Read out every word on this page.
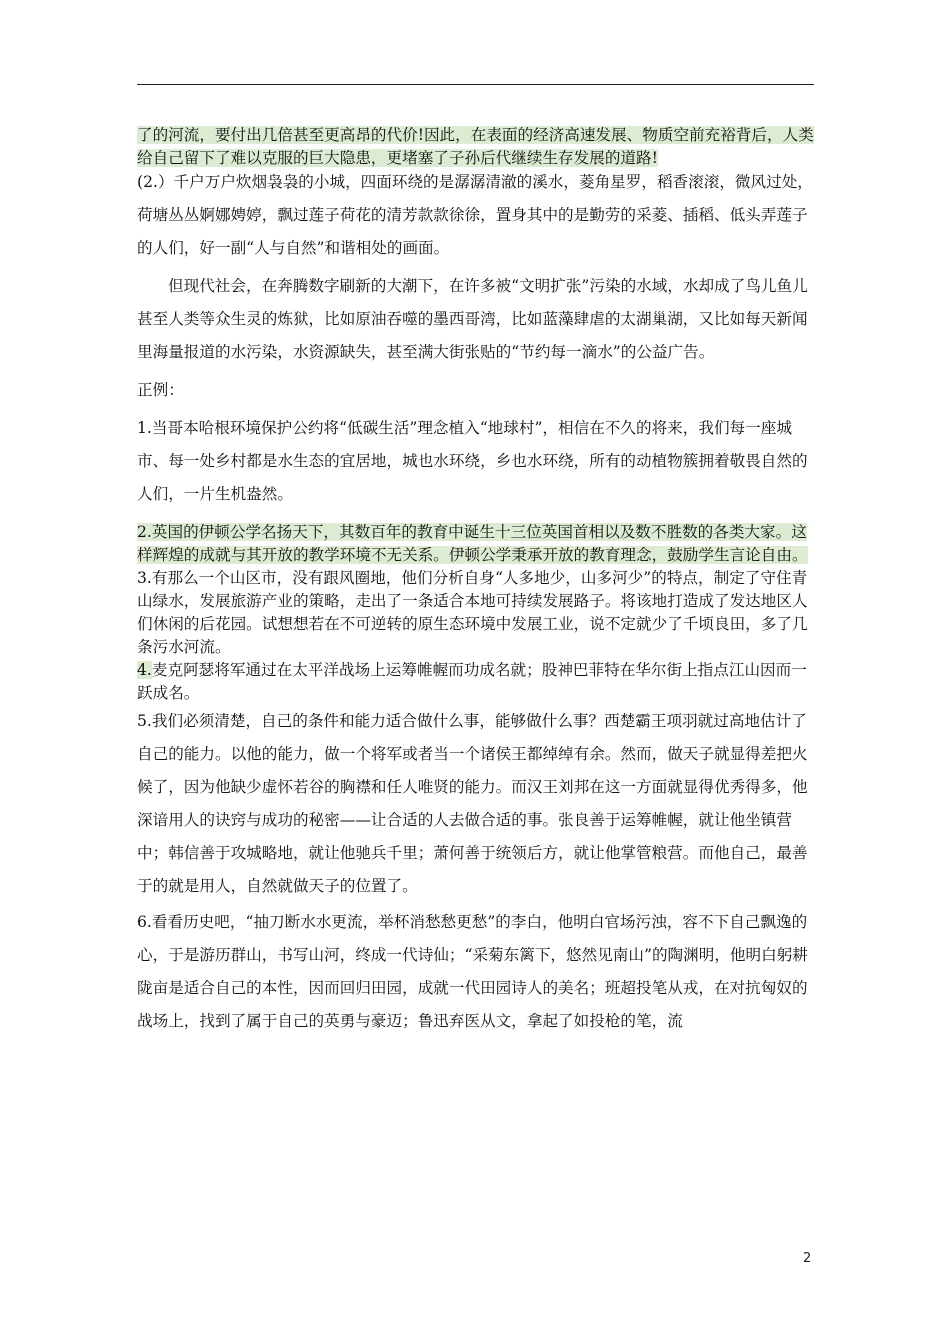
了的河流，要付出几倍甚至更高昂的代价!因此，在表面的经济高速发展、物质空前充裕背后，人类给自己留下了难以克服的巨大隐患，更堵塞了子孙后代继续生存发展的道路!

(2.）千户万户炊烟袅袅的小城，四面环绕的是潺潺清澈的溪水，菱角星罗，稻香滚滚，微风过处，荷塘丛丛婀娜娉婷，飘过莲子荷花的清芳款款徐徐，置身其中的是勤劳的采菱、插稻、低头弄莲子的人们，好一副“人与自然”和谐相处的画面。

但现代社会，在奔腾数字刷新的大潮下，在许多被“文明扩张”污染的水域，水却成了鸟儿鱼儿甚至人类等众生灵的炼狱，比如原油吞噬的墨西哥湾，比如蓝藻肆虐的太湖巢湖，又比如每天新闻里海量报道的水污染，水资源缺失，甚至满大街张贴的“节约每一滴水”的公益广告。

正例：

1.当哥本哈根环境保护公约将“低碳生活”理念植入“地球村”，相信在不久的将来，我们每一座城市、每一处乡村都是水生态的宜居地，城也水环绕，乡也水环绕，所有的动植物簇拥着敬畏自然的人们，一片生机盎然。

2.英国的伊顿公学名扬天下，其数百年的教育中诞生十三位英国首相以及数不胜数的各类大家。这样辉煌的成就与其开放的教学环境不无关系。伊顿公学秉承开放的教育理念，鼓励学生言论自由。

3.有那么一个山区市，没有跟风圈地，他们分析自身“人多地少，山多河少”的特点，制定了守住青山绿水，发展旅游产业的策略，走出了一条适合本地可持续发展路子。将该地打造成了发达地区人们休闲的后花园。试想想若在不可逆转的原生态环境中发展工业，说不定就少了千顷良田，多了几条污水河流。

4.麦克阿瑟将军通过在太平洋战场上运筹帷幄而功成名就；股神巴菲特在华尔街上指点江山因而一跃成名。

5.我们必须清楚，自己的条件和能力适合做什么事，能够做什么事？西楚霸王项羽就过高地估计了自己的能力。以他的能力，做一个将军或者当一个诸侯王都绰绰有余。然而，做天子就显得差把火候了，因为他缺少虚怀若谷的胸襟和任人唯贤的能力。而汉王刘邦在这一方面就显得优秀得多，他深谙用人的诀窍与成功的秘密——让合适的人去做合适的事。张良善于运筹帷幄，就让他坐镇营中；韩信善于攻城略地，就让他驰兵千里；萧何善于统领后方，就让他掌管粮营。而他自己，最善于的就是用人，自然就做天子的位置了。

6.看看历史吧，“抽刀断水水更流，举杯消愁愁更愁”的李白，他明白官场污浊，容不下自己飘逸的心，于是游历群山，书写山河，终成一代诗仙；“采菊东篱下，悠然见南山”的陶渊明，他明白躬耕陇亩是适合自己的本性，因而回归田园，成就一代田园诗人的美名；班超投笔从戎，在对抗匈奴的战场上，找到了属于自己的英勇与豪迈；鲁迅弃医从文，拿起了如投枪的笔，流

2
